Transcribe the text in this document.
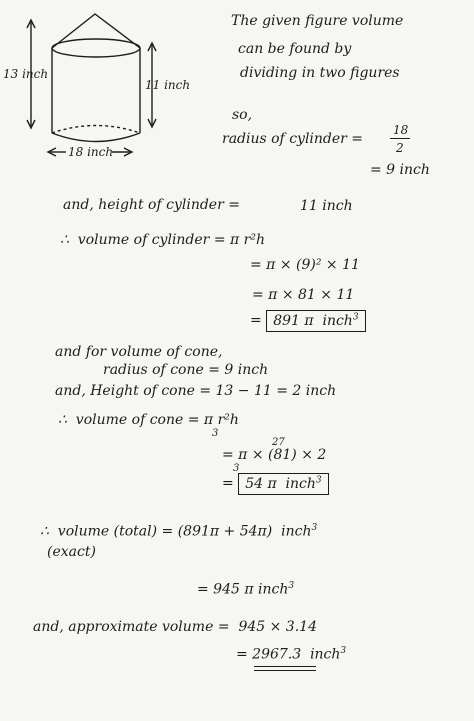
13 inch
11 inch
18 inch
The given figure volume
can be found by
dividing in two figures
so,
radius of cylinder =
18
2
= 9 inch
and, height of cylinder =	11 inch
∴  volume of cylinder = π r²h
= π × (9)² × 11
= π × 81 × 11
= 891 π  inch$^3$
and for volume of cone,
radius of cone = 9 inch
and, Height of cone = 13 − 11 = 2 inch
∴  volume of cone = π r²h
3
27
= π × (81) × 2
3
= 54 π  inch$^3$
∴  volume (total) = (891π + 54π)  inch$^3$
(exact)
= 945 π inch$^3$
and, approximate volume =  945 × 3.14
= 2967.3  inch$^3$
